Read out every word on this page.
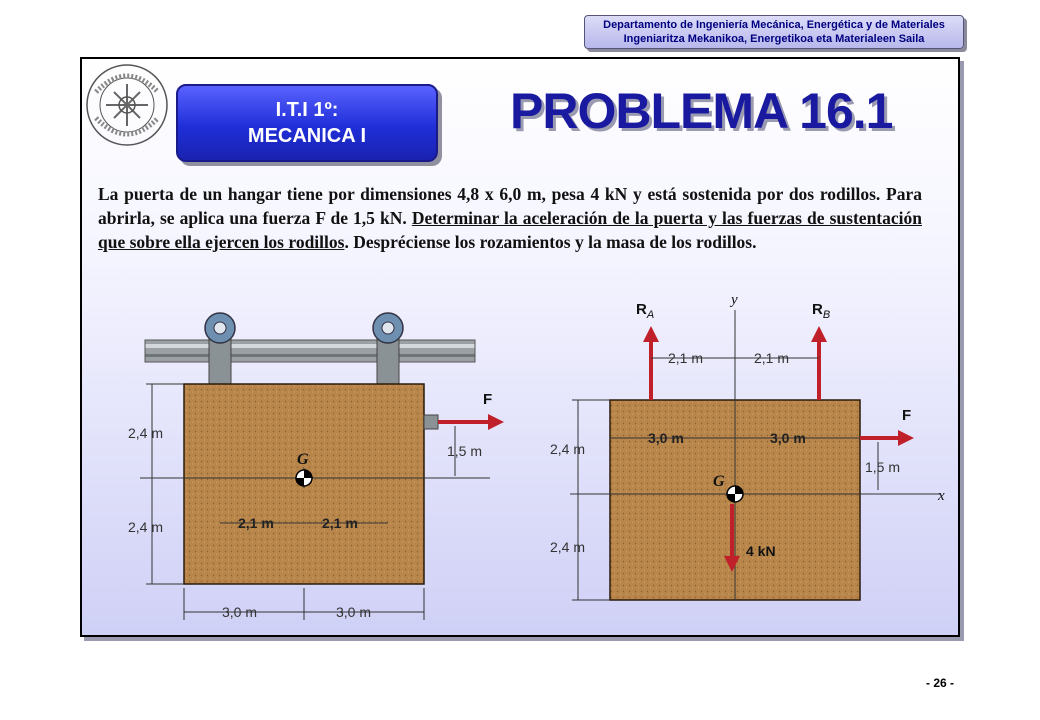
Departamento de Ingeniería Mecánica, Energética y de Materiales
Ingeniaritza Mekanikoa, Energetikoa eta Materialeen Saila
I.T.I 1º:
MECANICA I	PROBLEMA 16.1
La puerta de un hangar tiene por dimensiones 4,8 x 6,0 m, pesa 4 kN y está sostenida por dos rodillos. Para abrirla, se aplica una fuerza F de 1,5 kN. Determinar la aceleración de la puerta y las fuerzas de sustentación que sobre ella ejercen los rodillos. Despréciense los rozamientos y la masa de los rodillos.
F
G
2,4 m
2,4 m
1,5 m
2,1 m	2,1 m
3,0 m	3,0 m
y
x
$R_A$	$R_B$
2,1 m	2,1 m
3,0 m	3,0 m
F
1,5 m
G
4 kN
2,4 m
2,4 m
- 26 -
